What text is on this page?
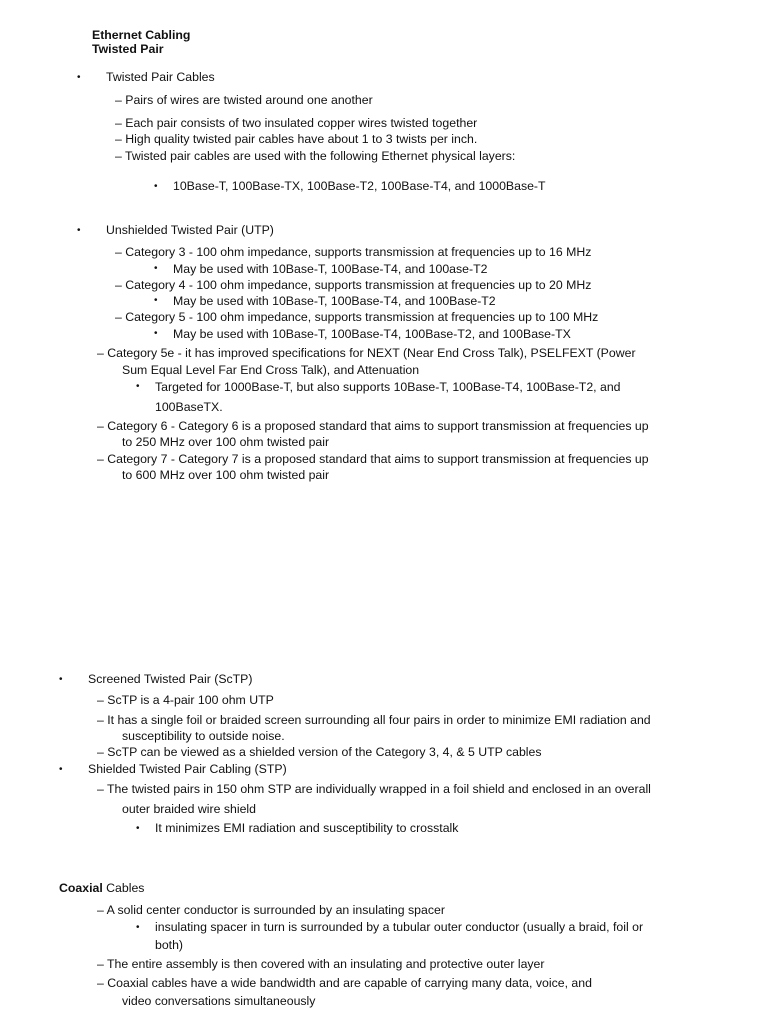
Ethernet Cabling
Twisted Pair
• Twisted Pair Cables
– Pairs of wires are twisted around one another
– Each pair consists of two insulated copper wires twisted together
– High quality twisted pair cables have about 1 to 3 twists per inch.
– Twisted pair cables are used with the following Ethernet physical layers:
• 10Base-T, 100Base-TX, 100Base-T2, 100Base-T4, and 1000Base-T
• Unshielded Twisted Pair (UTP)
– Category 3 - 100 ohm impedance, supports transmission at frequencies up to 16 MHz
• May be used with 10Base-T, 100Base-T4, and 100ase-T2
– Category 4 - 100 ohm impedance, supports transmission at frequencies up to 20 MHz
• May be used with 10Base-T, 100Base-T4, and 100Base-T2
– Category 5 - 100 ohm impedance, supports transmission at frequencies up to 100 MHz
• May be used with 10Base-T, 100Base-T4, 100Base-T2, and 100Base-TX
– Category 5e - it has improved specifications for NEXT (Near End Cross Talk), PSELFEXT (Power
Sum Equal Level Far End Cross Talk), and Attenuation
• Targeted for 1000Base-T, but also supports 10Base-T, 100Base-T4, 100Base-T2, and
100BaseTX.
– Category 6 - Category 6 is a proposed standard that aims to support transmission at frequencies up
to 250 MHz over 100 ohm twisted pair
– Category 7 - Category 7 is a proposed standard that aims to support transmission at frequencies up
to 600 MHz over 100 ohm twisted pair
• Screened Twisted Pair (ScTP)
– ScTP is a 4-pair 100 ohm UTP
– It has a single foil or braided screen surrounding all four pairs in order to minimize EMI radiation and
susceptibility to outside noise.
– ScTP can be viewed as a shielded version of the Category 3, 4, & 5 UTP cables
• Shielded Twisted Pair Cabling (STP)
– The twisted pairs in 150 ohm STP are individually wrapped in a foil shield and enclosed in an overall
outer braided wire shield
• It minimizes EMI radiation and susceptibility to crosstalk
Coaxial Cables
– A solid center conductor is surrounded by an insulating spacer
• insulating spacer in turn is surrounded by a tubular outer conductor (usually a braid, foil or
both)
– The entire assembly is then covered with an insulating and protective outer layer
– Coaxial cables have a wide bandwidth and are capable of carrying many data, voice, and
video conversations simultaneously
